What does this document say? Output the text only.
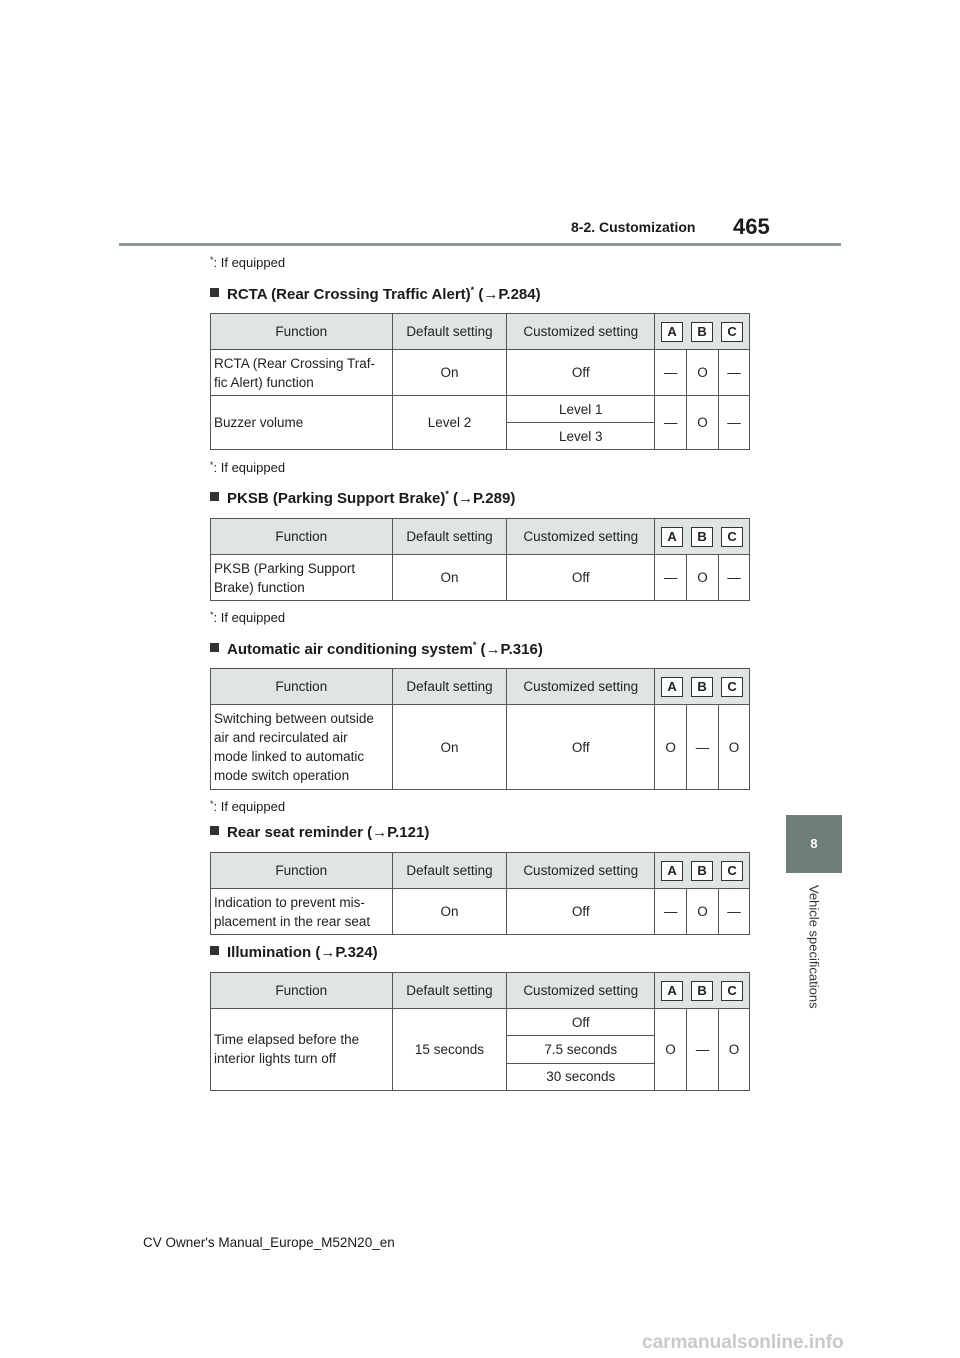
8-2. Customization 465
8
Vehicle specifications
*: If equipped
*: If equipped
*: If equipped
*: If equipped
RCTA (Rear Crossing Traffic Alert)* (→P.284)
PKSB (Parking Support Brake)* (→P.289)
Automatic air conditioning system* (→P.316)
Rear seat reminder (→P.121)
Illumination (→P.324)
Function	Default setting	Customized setting	A B C		
RCTA (Rear Crossing Traf-
fic Alert) function	On	Off	—	O	—
Buzzer volume	Level 2	Level 1	—	O	—
		Level 3			
Function	Default setting	Customized setting	A B C		
PKSB (Parking Support
Brake) function	On	Off	—	O	—
Function	Default setting	Customized setting	A B C		
Switching between outside
air and recirculated air
mode linked to automatic
mode switch operation	On	Off	O	—	O
Function	Default setting	Customized setting	A B C		
Indication to prevent mis-
placement in the rear seat	On	Off	—	O	—
Function	Default setting	Customized setting	A B C		
Time elapsed before the
interior lights turn off	15 seconds	Off	O	—	O
		7.5 seconds			
		30 seconds			
CV Owner's Manual_Europe_M52N20_en
carmanualsonline.info
